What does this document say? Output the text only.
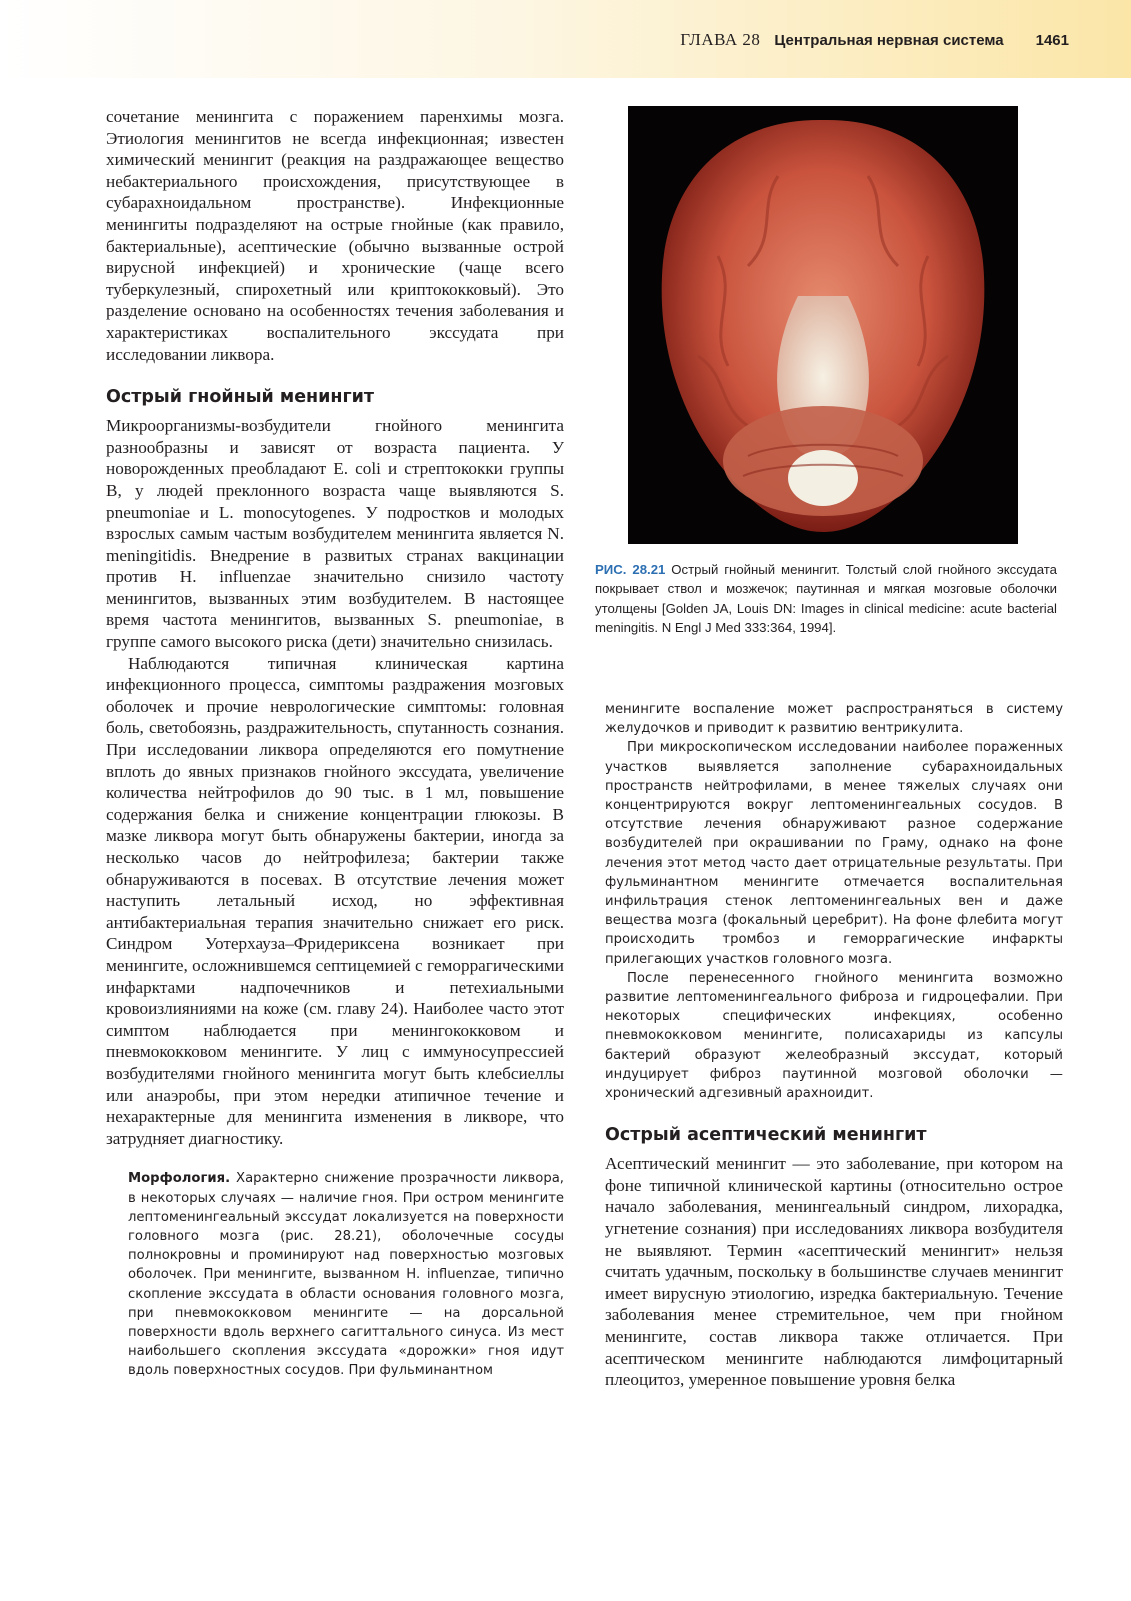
ГЛАВА 28 Центральная нервная система 1461

сочетание менингита с поражением паренхимы мозга. Этиология менингитов не всегда инфекционная; известен химический менингит (реакция на раздражающее вещество небактериального происхождения, присутствующее в субарахноидальном пространстве). Инфекционные менингиты подразделяют на острые гнойные (как правило, бактериальные), асептические (обычно вызванные острой вирусной инфекцией) и хронические (чаще всего туберкулезный, спирохетный или криптококковый). Это разделение основано на особенностях течения заболевания и характеристиках воспалительного экссудата при исследовании ликвора.

Острый гнойный менингит

Микроорганизмы-возбудители гнойного менингита разнообразны и зависят от возраста пациента. У новорожденных преобладают E. coli и стрептококки группы B, у людей преклонного возраста чаще выявляются S. pneumoniae и L. monocytogenes. У подростков и молодых взрослых самым частым возбудителем менингита является N. meningitidis. Внедрение в развитых странах вакцинации против H. influenzae значительно снизило частоту менингитов, вызванных этим возбудителем. В настоящее время частота менингитов, вызванных S. pneumoniae, в группе самого высокого риска (дети) значительно снизилась.

Наблюдаются типичная клиническая картина инфекционного процесса, симптомы раздражения мозговых оболочек и прочие неврологические симптомы: головная боль, светобоязнь, раздражительность, спутанность сознания. При исследовании ликвора определяются его помутнение вплоть до явных признаков гнойного экссудата, увеличение количества нейтрофилов до 90 тыс. в 1 мл, повышение содержания белка и снижение концентрации глюкозы. В мазке ликвора могут быть обнаружены бактерии, иногда за несколько часов до нейтрофилеза; бактерии также обнаруживаются в посевах. В отсутствие лечения может наступить летальный исход, но эффективная антибактериальная терапия значительно снижает его риск. Синдром Уотерхауза–Фридериксена возникает при менингите, осложнившемся септицемией с геморрагическими инфарктами надпочечников и петехиальными кровоизлияниями на коже (см. главу 24). Наиболее часто этот симптом наблюдается при менингококковом и пневмококковом менингите. У лиц с иммуносупрессией возбудителями гнойного менингита могут быть клебсиеллы или анаэробы, при этом нередки атипичное течение и нехарактерные для менингита изменения в ликворе, что затрудняет диагностику.

Морфология. Характерно снижение прозрачности ликвора, в некоторых случаях — наличие гноя. При остром менингите лептоменингеальный экссудат локализуется на поверхности головного мозга (рис. 28.21), оболочечные сосуды полнокровны и проминируют над поверхностью мозговых оболочек. При менингите, вызванном H. influenzae, типично скопление экссудата в области основания головного мозга, при пневмококковом менингите — на дорсальной поверхности вдоль верхнего сагиттального синуса. Из мест наибольшего скопления экссудата «дорожки» гноя идут вдоль поверхностных сосудов. При фульминантном

РИС. 28.21 Острый гнойный менингит. Толстый слой гнойного экссудата покрывает ствол и мозжечок; паутинная и мягкая мозговые оболочки утолщены [Golden JA, Louis DN: Images in clinical medicine: acute bacterial meningitis. N Engl J Med 333:364, 1994].

менингите воспаление может распространяться в систему желудочков и приводит к развитию вентрикулита.

При микроскопическом исследовании наиболее пораженных участков выявляется заполнение субарахноидальных пространств нейтрофилами, в менее тяжелых случаях они концентрируются вокруг лептоменингеальных сосудов. В отсутствие лечения обнаруживают разное содержание возбудителей при окрашивании по Граму, однако на фоне лечения этот метод часто дает отрицательные результаты. При фульминантном менингите отмечается воспалительная инфильтрация стенок лептоменингеальных вен и даже вещества мозга (фокальный церебрит). На фоне флебита могут происходить тромбоз и геморрагические инфаркты прилегающих участков головного мозга.

После перенесенного гнойного менингита возможно развитие лептоменингеального фиброза и гидроцефалии. При некоторых специфических инфекциях, особенно пневмококковом менингите, полисахариды из капсулы бактерий образуют желеобразный экссудат, который индуцирует фиброз паутинной мозговой оболочки — хронический адгезивный арахноидит.

Острый асептический менингит

Асептический менингит — это заболевание, при котором на фоне типичной клинической картины (относительно острое начало заболевания, менингеальный синдром, лихорадка, угнетение сознания) при исследованиях ликвора возбудителя не выявляют. Термин «асептический менингит» нельзя считать удачным, поскольку в большинстве случаев менингит имеет вирусную этиологию, изредка бактериальную. Течение заболевания менее стремительное, чем при гнойном менингите, состав ликвора также отличается. При асептическом менингите наблюдаются лимфоцитарный плеоцитоз, умеренное повышение уровня белка
